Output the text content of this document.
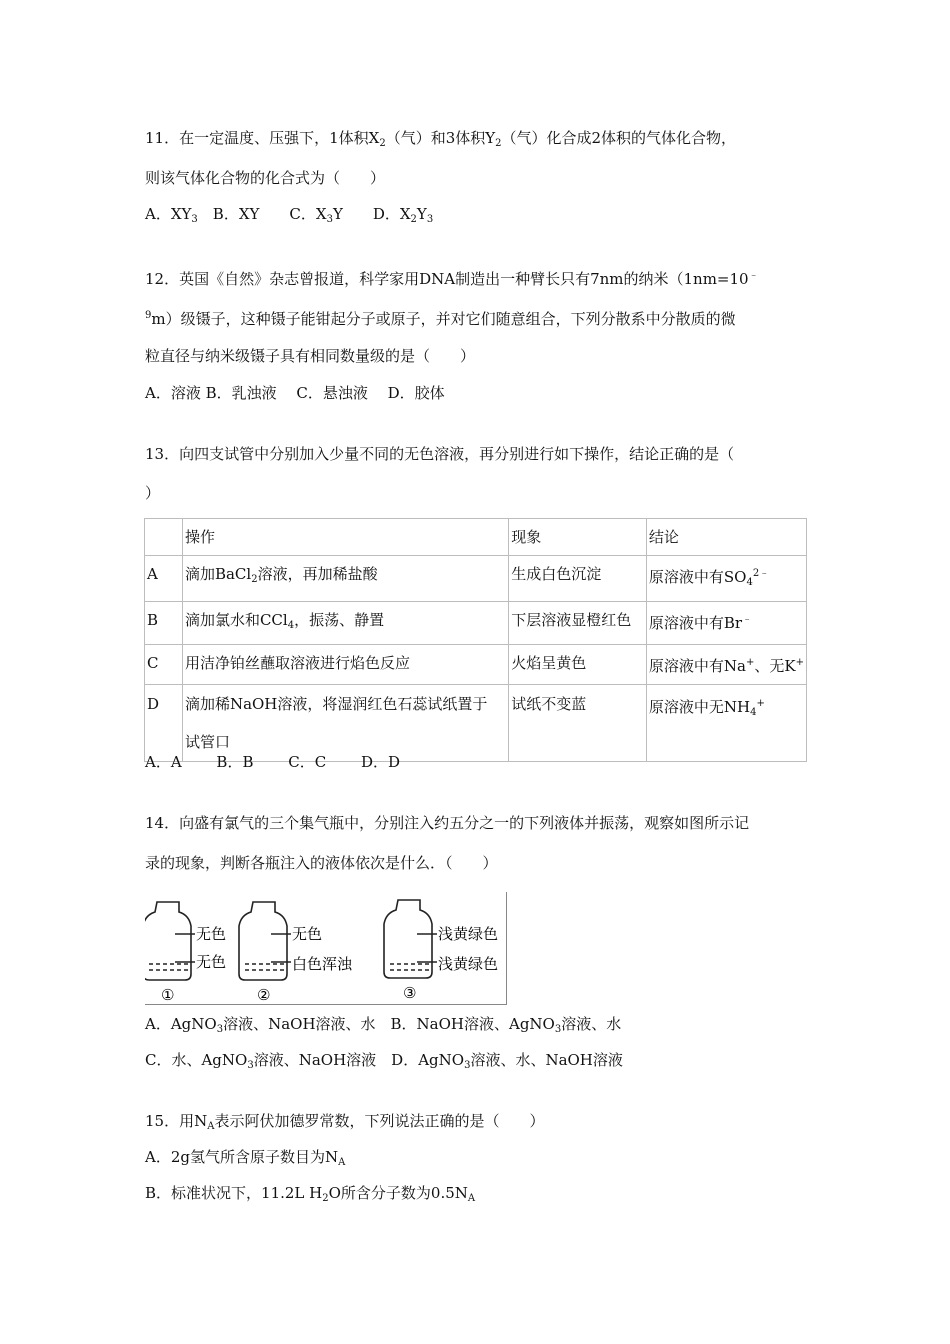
11．在一定温度、压强下，1体积$X_2$（气）和3体积$Y_2$（气）化合成2体积的气体化合物，
则该气体化合物的化合式为（　　）
A．$XY_3$　B．XY　　C．$X_3Y$　　D．$X_2Y_3$
12．英国《自然》杂志曾报道，科学家用DNA制造出一种臂长只有7nm的纳米（1nm=10﹣
$^9$m）级镊子，这种镊子能钳起分子或原子，并对它们随意组合，下列分散系中分散质的微
粒直径与纳米级镊子具有相同数量级的是（　　）
A．溶液 B．乳浊液　 C．悬浊液　 D．胶体
13．向四支试管中分别加入少量不同的无色溶液，再分别进行如下操作，结论正确的是（
）
	操作	现象	结论
A	滴加BaCl$_2$溶液，再加稀盐酸	生成白色沉淀	原溶液中有$SO_4^{2﹣}$
B	滴加氯水和CCl$_4$，振荡、静置	下层溶液显橙红色	原溶液中有Br﹣
C	用洁净铂丝蘸取溶液进行焰色反应	火焰呈黄色	原溶液中有Na+、无K+
D	滴加稀NaOH溶液，将湿润红色石蕊试纸置于
试管口	试纸不变蓝	原溶液中无$NH_4^+$
A．A　　 B．B　　 C．C　　 D．D
14．向盛有氯气的三个集气瓶中，分别注入约五分之一的下列液体并振荡，观察如图所示记
录的现象，判断各瓶注入的液体依次是什么．（　　）
无色
无色
①
无色
白色浑浊
②
浅黄绿色
浅黄绿色
③
A．AgNO$_3$溶液、NaOH溶液、水　B．NaOH溶液、AgNO$_3$溶液、水
C．水、AgNO$_3$溶液、NaOH溶液　D．AgNO$_3$溶液、水、NaOH溶液
15．用$N_A$表示阿伏加德罗常数，下列说法正确的是（　　）
A．2g氢气所含原子数目为$N_A$
B．标准状况下，11.2L $H_2O$所含分子数为$0.5N_A$
